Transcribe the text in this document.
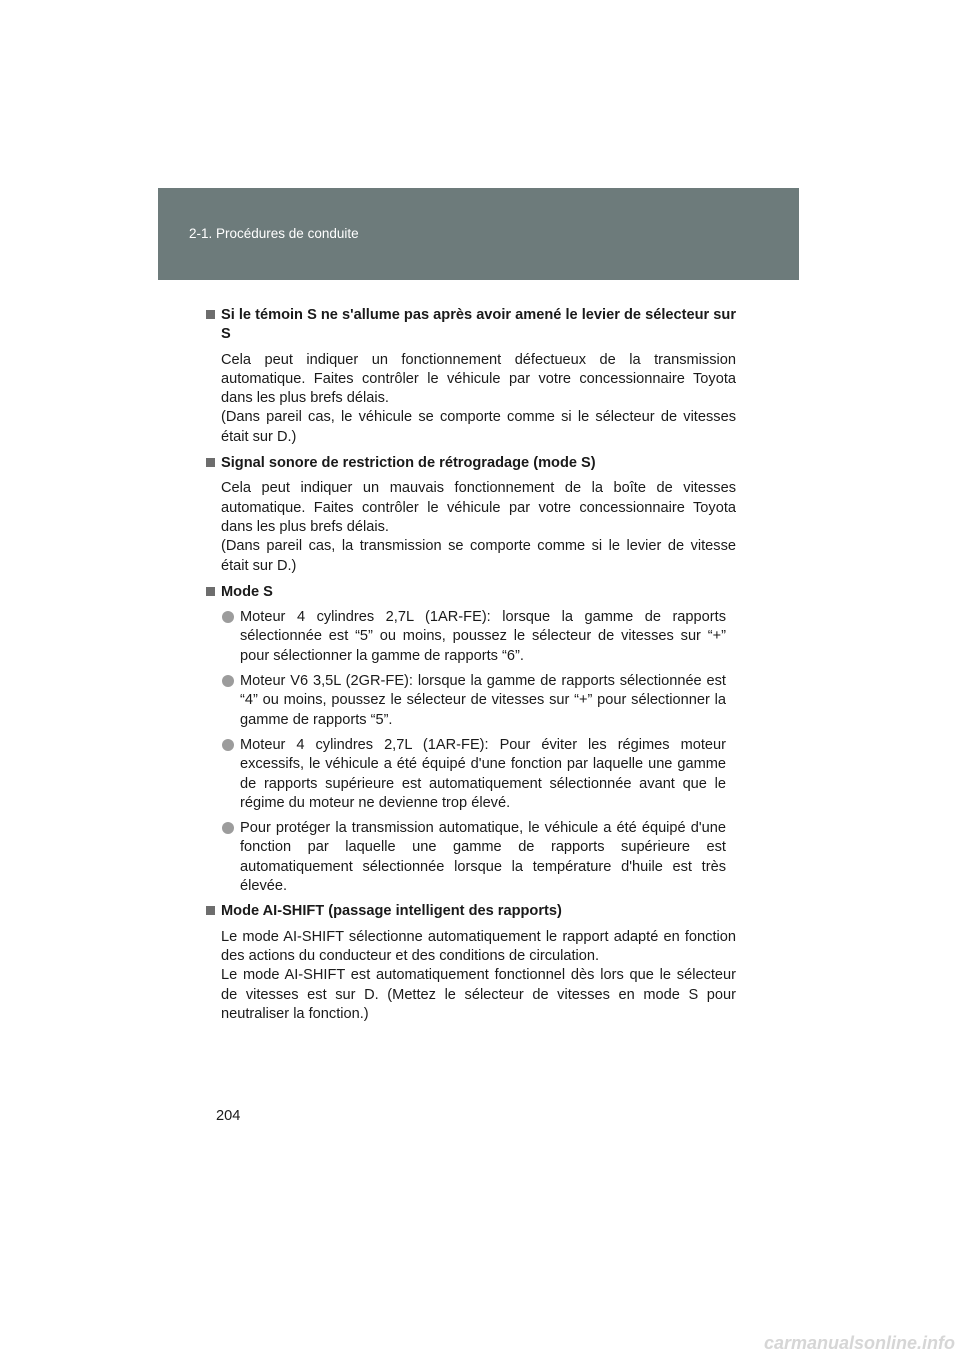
2-1. Procédures de conduite
Si le témoin S ne s'allume pas après avoir amené le levier de sélecteur sur S
Cela peut indiquer un fonctionnement défectueux de la transmission automatique. Faites contrôler le véhicule par votre concessionnaire Toyota dans les plus brefs délais.
(Dans pareil cas, le véhicule se comporte comme si le sélecteur de vitesses était sur D.)
Signal sonore de restriction de rétrogradage (mode S)
Cela peut indiquer un mauvais fonctionnement de la boîte de vitesses automatique. Faites contrôler le véhicule par votre concessionnaire Toyota dans les plus brefs délais.
(Dans pareil cas, la transmission se comporte comme si le levier de vitesse était sur D.)
Mode S
Moteur 4 cylindres 2,7L (1AR-FE): lorsque la gamme de rapports sélectionnée est “5” ou moins, poussez le sélecteur de vitesses sur “+” pour sélectionner la gamme de rapports “6”.
Moteur V6 3,5L (2GR-FE): lorsque la gamme de rapports sélectionnée est “4” ou moins, poussez le sélecteur de vitesses sur “+” pour sélectionner la gamme de rapports “5”.
Moteur 4 cylindres 2,7L (1AR-FE): Pour éviter les régimes moteur excessifs, le véhicule a été équipé d'une fonction par laquelle une gamme de rapports supérieure est automatiquement sélectionnée avant que le régime du moteur ne devienne trop élevé.
Pour protéger la transmission automatique, le véhicule a été équipé d'une fonction par laquelle une gamme de rapports supérieure est automatiquement sélectionnée lorsque la température d'huile est très élevée.
Mode AI-SHIFT (passage intelligent des rapports)
Le mode AI-SHIFT sélectionne automatiquement le rapport adapté en fonction des actions du conducteur et des conditions de circulation.
Le mode AI-SHIFT est automatiquement fonctionnel dès lors que le sélecteur de vitesses est sur D. (Mettez le sélecteur de vitesses en mode S pour neutraliser la fonction.)
204
carmanualsonline.info
